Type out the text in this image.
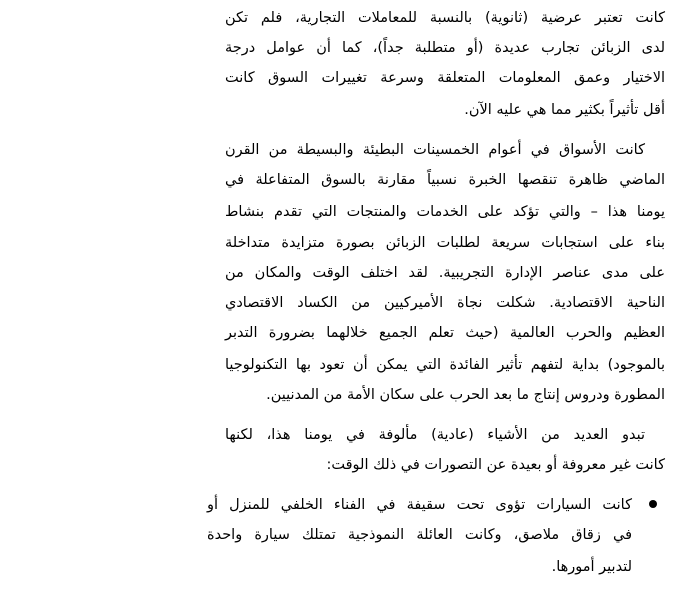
كانت تعتبر عرضية (ثانوية) بالنسبة للمعاملات التجارية، فلم تكن
لدى الزبائن تجارب عديدة (أو متطلبة جداً)، كما أن عوامل درجة
الاختيار وعمق المعلومات المتعلقة وسرعة تغييرات السوق كانت
أقل تأثيراً بكثير مما هي عليه الآن.
كانت الأسواق في أعوام الخمسينات البطيئة والبسيطة من القرن
الماضي ظاهرة تنقصها الخبرة نسبياً مقارنة بالسوق المتفاعلة في
يومنا هذا – والتي تؤكد على الخدمات والمنتجات التي تقدم بنشاط
بناء على استجابات سريعة لطلبات الزبائن بصورة متزايدة متداخلة
على مدى عناصر الإدارة التجريبية. لقد اختلف الوقت والمكان من
الناحية الاقتصادية. شكلت نجاة الأميركيين من الكساد الاقتصادي
العظيم والحرب العالمية (حيث تعلم الجميع خلالهما بضرورة التدبر
بالموجود) بداية لتفهم تأثير الفائدة التي يمكن أن تعود بها التكنولوجيا
المطورة ودروس إنتاج ما بعد الحرب على سكان الأمة من المدنيين.
تبدو العديد من الأشياء (عادية) مألوفة في يومنا هذا، لكنها
كانت غير معروفة أو بعيدة عن التصورات في ذلك الوقت:
كانت السيارات تؤوى تحت سقيفة في الفناء الخلفي للمنزل أو
في زقاق ملاصق، وكانت العائلة النموذجية تمتلك سيارة واحدة
لتدبير أمورها.
